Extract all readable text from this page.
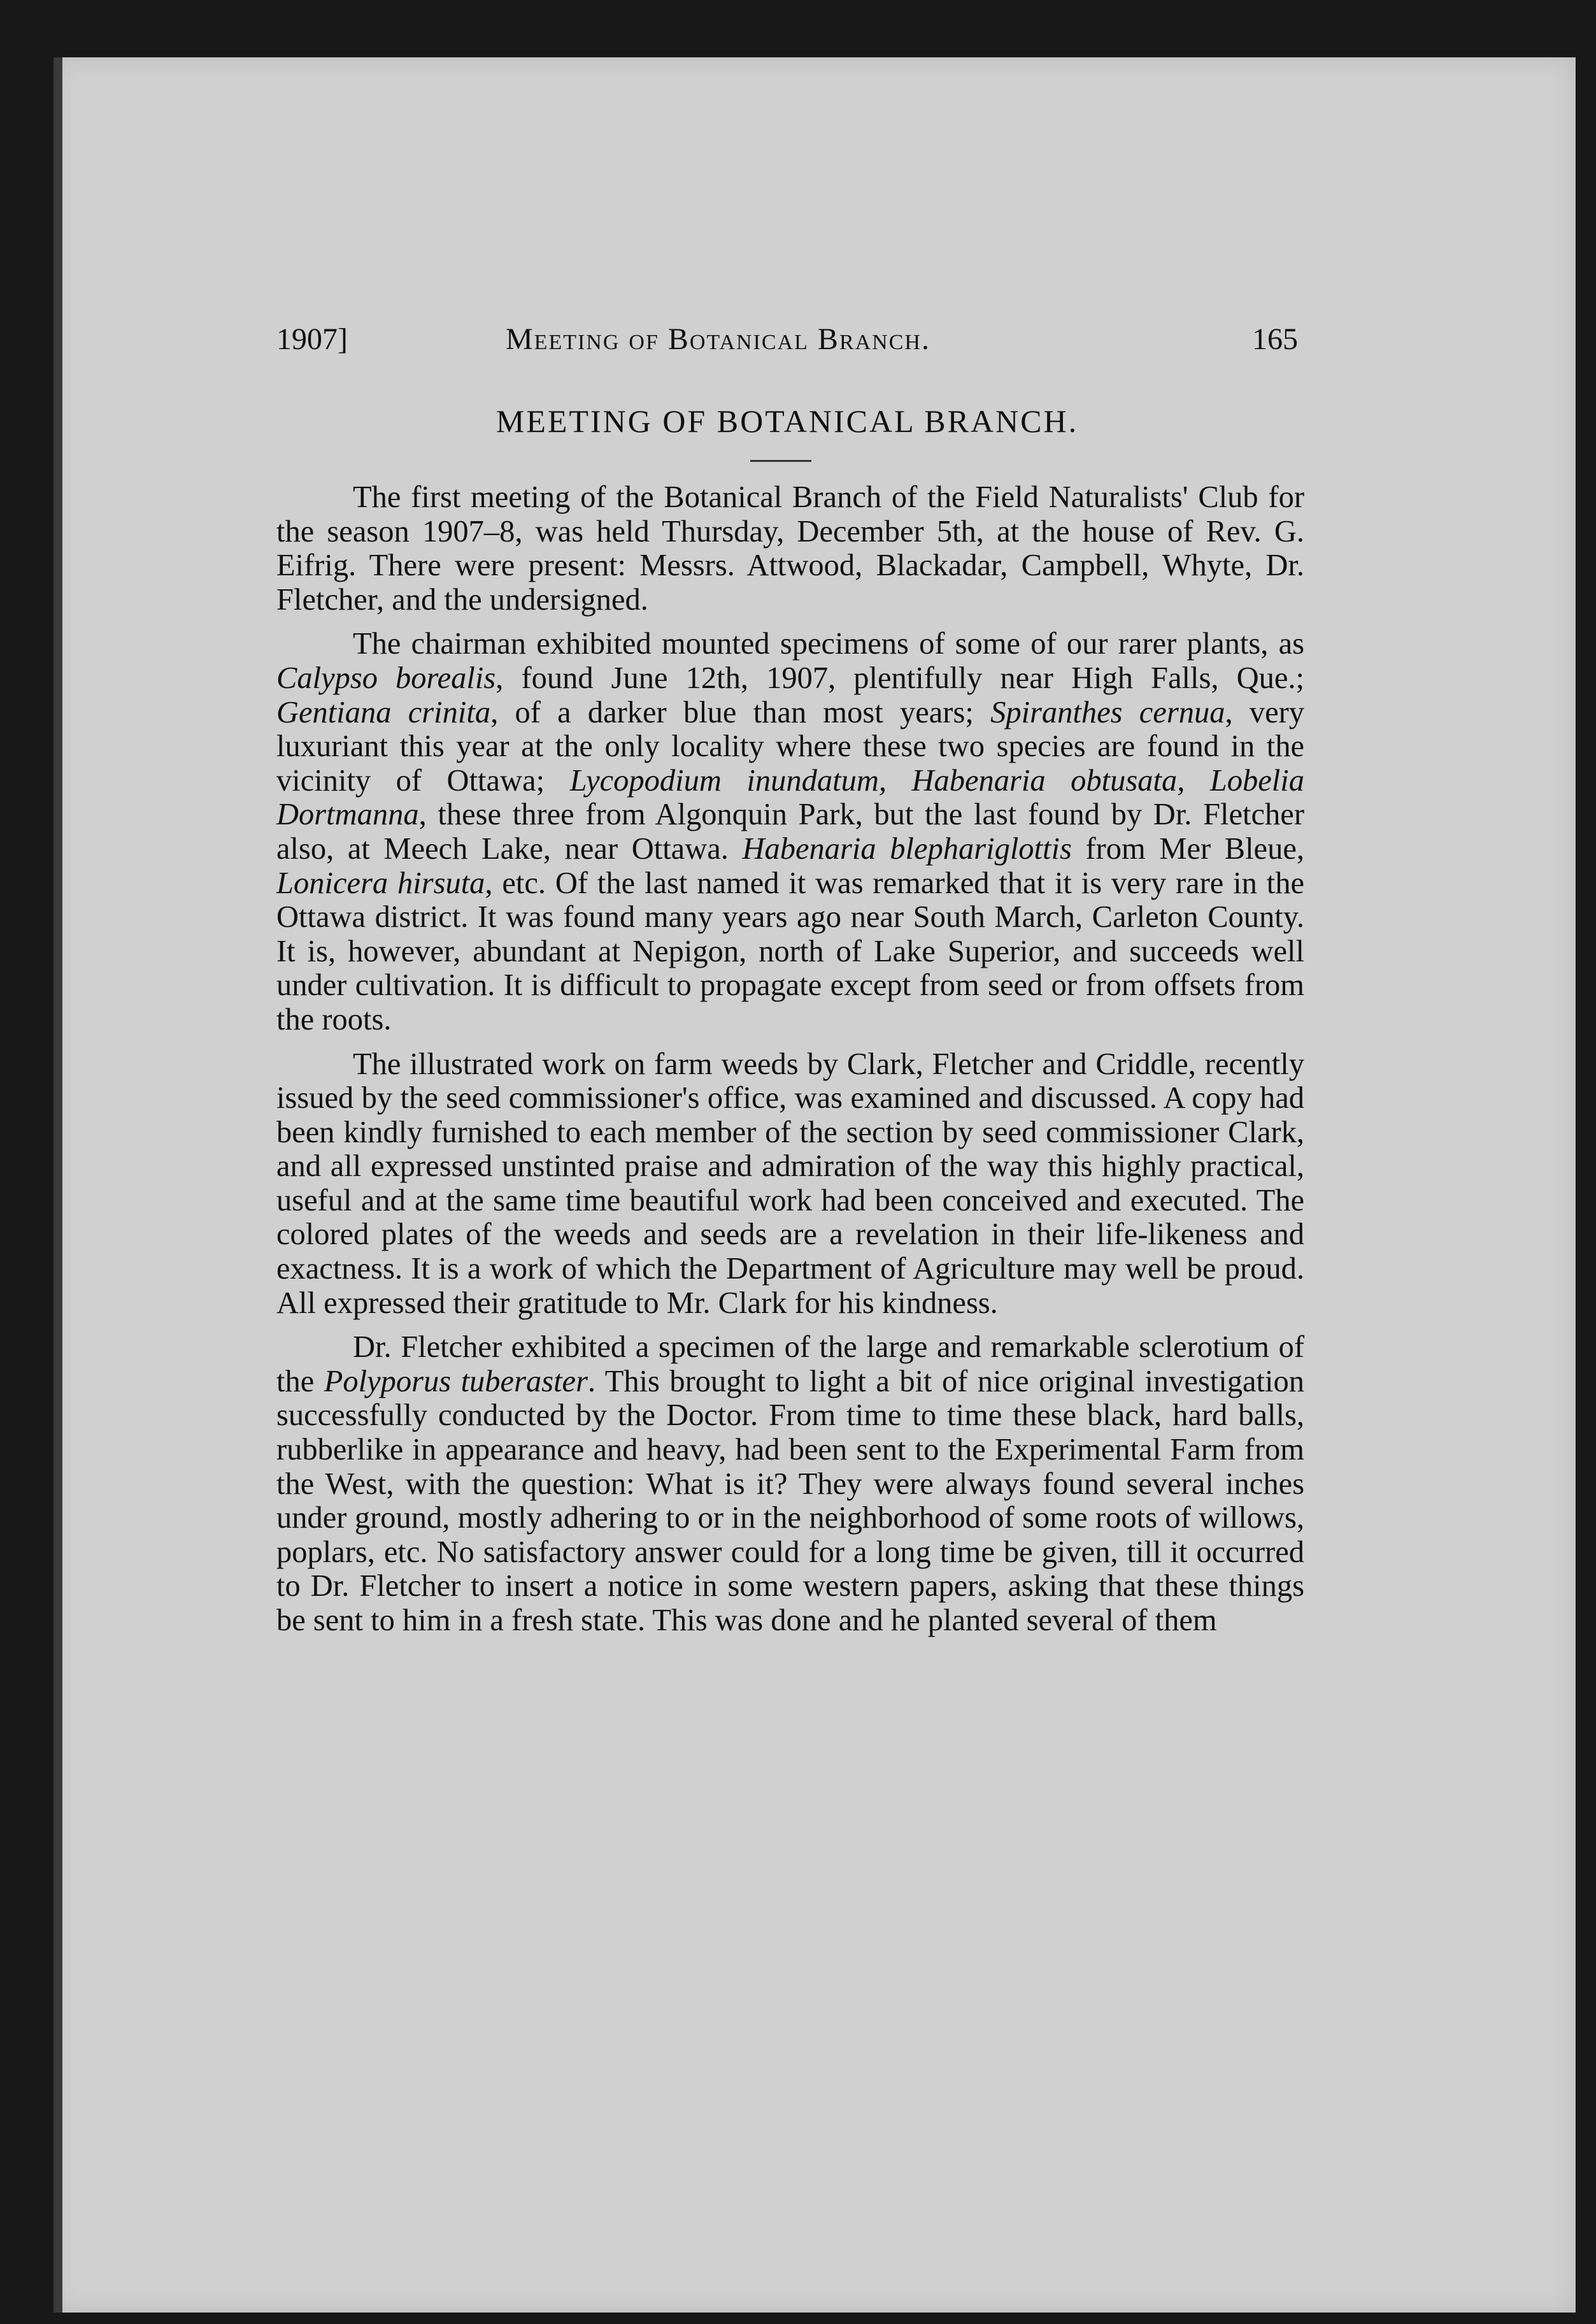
1907]	Meeting of Botanical Branch.	165
MEETING OF BOTANICAL BRANCH.

The first meeting of the Botanical Branch of the Field Naturalists' Club for the season 1907–8, was held Thursday, December 5th, at the house of Rev. G. Eifrig. There were present: Messrs. Attwood, Blackadar, Campbell, Whyte, Dr. Fletcher, and the undersigned.

The chairman exhibited mounted specimens of some of our rarer plants, as Calypso borealis, found June 12th, 1907, plentifully near High Falls, Que.; Gentiana crinita, of a darker blue than most years; Spiranthes cernua, very luxuriant this year at the only locality where these two species are found in the vicinity of Ottawa; Lycopodium inundatum, Habenaria obtusata, Lobelia Dortmanna, these three from Algonquin Park, but the last found by Dr. Fletcher also, at Meech Lake, near Ottawa. Habenaria blephariglottis from Mer Bleue, Lonicera hirsuta, etc. Of the last named it was remarked that it is very rare in the Ottawa district. It was found many years ago near South March, Carleton County. It is, however, abundant at Nepigon, north of Lake Superior, and succeeds well under cultivation. It is difficult to propagate except from seed or from offsets from the roots.

The illustrated work on farm weeds by Clark, Fletcher and Criddle, recently issued by the seed commissioner's office, was examined and discussed. A copy had been kindly furnished to each member of the section by seed commissioner Clark, and all expressed unstinted praise and admiration of the way this highly practical, useful and at the same time beautiful work had been conceived and executed. The colored plates of the weeds and seeds are a revelation in their life-likeness and exactness. It is a work of which the Department of Agriculture may well be proud. All expressed their gratitude to Mr. Clark for his kindness.

Dr. Fletcher exhibited a specimen of the large and remarkable sclerotium of the Polyporus tuberaster. This brought to light a bit of nice original investigation successfully conducted by the Doctor. From time to time these black, hard balls, rubberlike in appearance and heavy, had been sent to the Experimental Farm from the West, with the question: What is it? They were always found several inches under ground, mostly adhering to or in the neighborhood of some roots of willows, poplars, etc. No satisfactory answer could for a long time be given, till it occurred to Dr. Fletcher to insert a notice in some western papers, asking that these things be sent to him in a fresh state. This was done and he planted several of them
